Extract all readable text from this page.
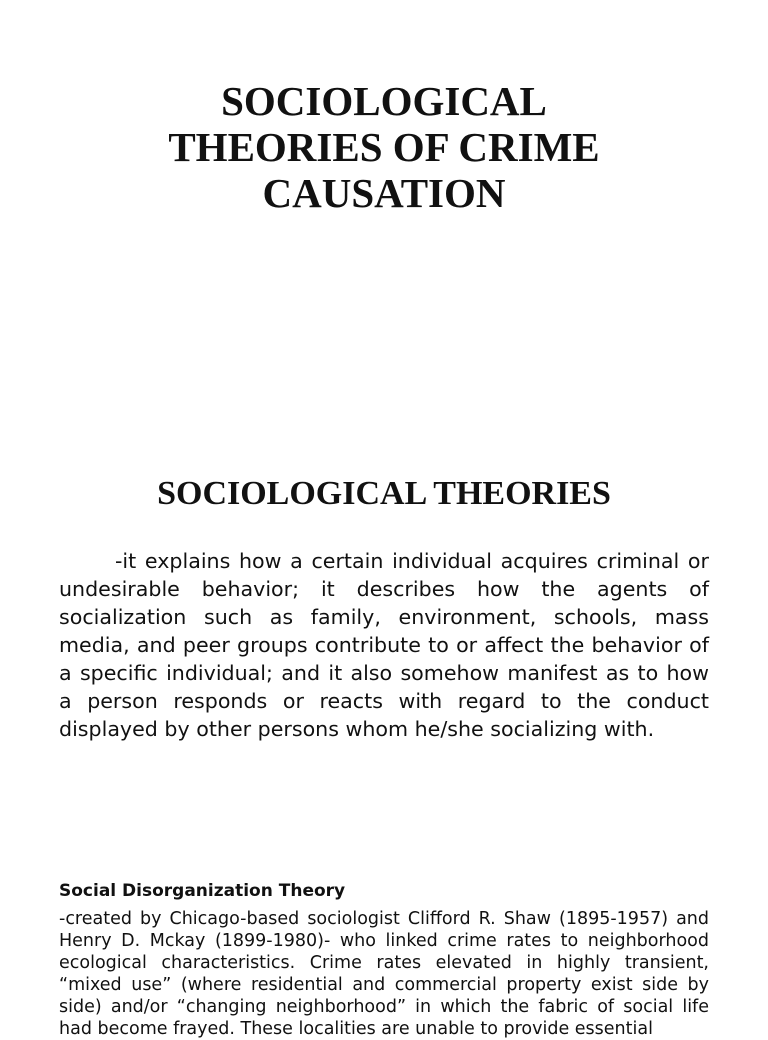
SOCIOLOGICAL
THEORIES OF CRIME
CAUSATION
SOCIOLOGICAL THEORIES

-it explains how a certain individual acquires criminal or undesirable behavior; it describes how the agents of socialization such as family, environment, schools, mass media, and peer groups contribute to or affect the behavior of a specific individual; and it also somehow manifest as to how a person responds or reacts with regard to the conduct displayed by other persons whom he/she socializing with.

Social Disorganization Theory

-created by Chicago-based sociologist Clifford R. Shaw (1895-1957) and Henry D. Mckay (1899-1980)- who linked crime rates to neighborhood ecological characteristics. Crime rates elevated in highly transient, “mixed use” (where residential and commercial property exist side by side) and/or “changing neighborhood” in which the fabric of social life had become frayed. These localities are unable to provide essential
